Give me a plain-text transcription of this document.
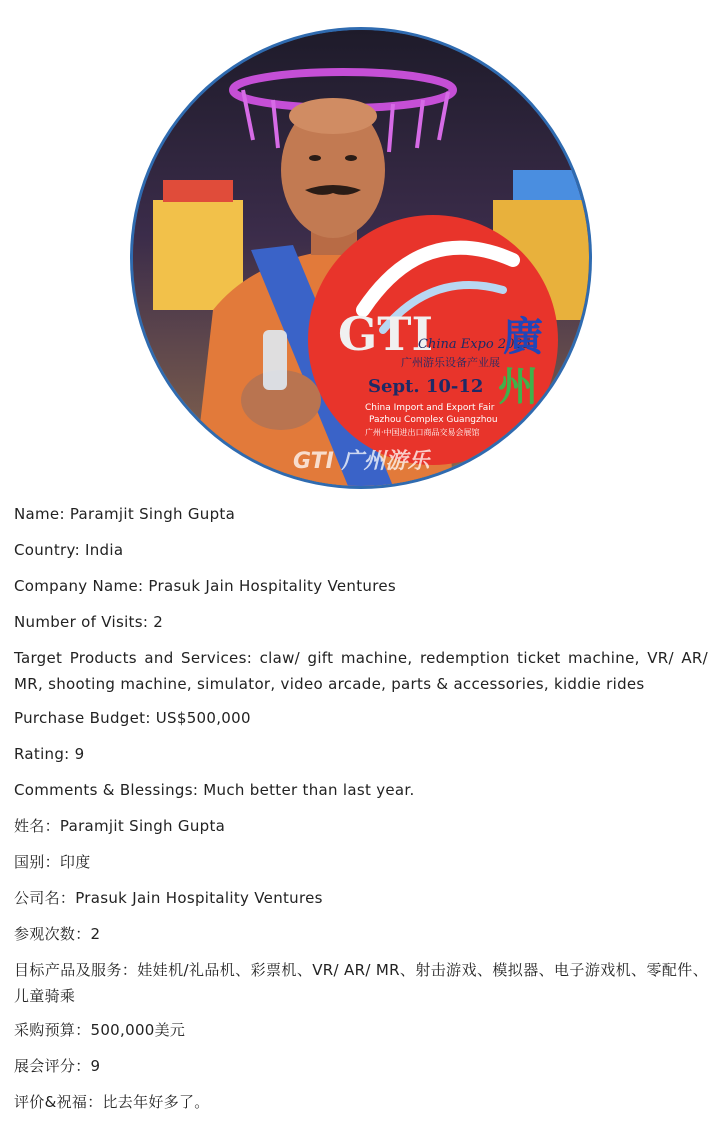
GTI
China Expo 2025
广州游乐设备产业展
Sept. 10-12
China Import and Export Fair
Pazhou Complex Guangzhou
广州·中国进出口商品交易会展馆
廣
州
GTI 广州游乐

Name: Paramjit Singh Gupta

Country: India

Company Name: Prasuk Jain Hospitality Ventures

Number of Visits: 2

Target Products and Services: claw/ gift machine, redemption ticket machine, VR/ AR/ MR, shooting machine, simulator, video arcade, parts & accessories, kiddie rides

Purchase Budget: US$500,000

Rating: 9

Comments & Blessings: Much better than last year.

姓名：Paramjit Singh Gupta

国别：印度

公司名：Prasuk Jain Hospitality Ventures

参观次数：2

目标产品及服务：娃娃机/礼品机、彩票机、VR/ AR/ MR、射击游戏、模拟器、电子游戏机、零配件、儿童骑乘

采购预算：500,000美元

展会评分：9

评价&祝福：比去年好多了。
